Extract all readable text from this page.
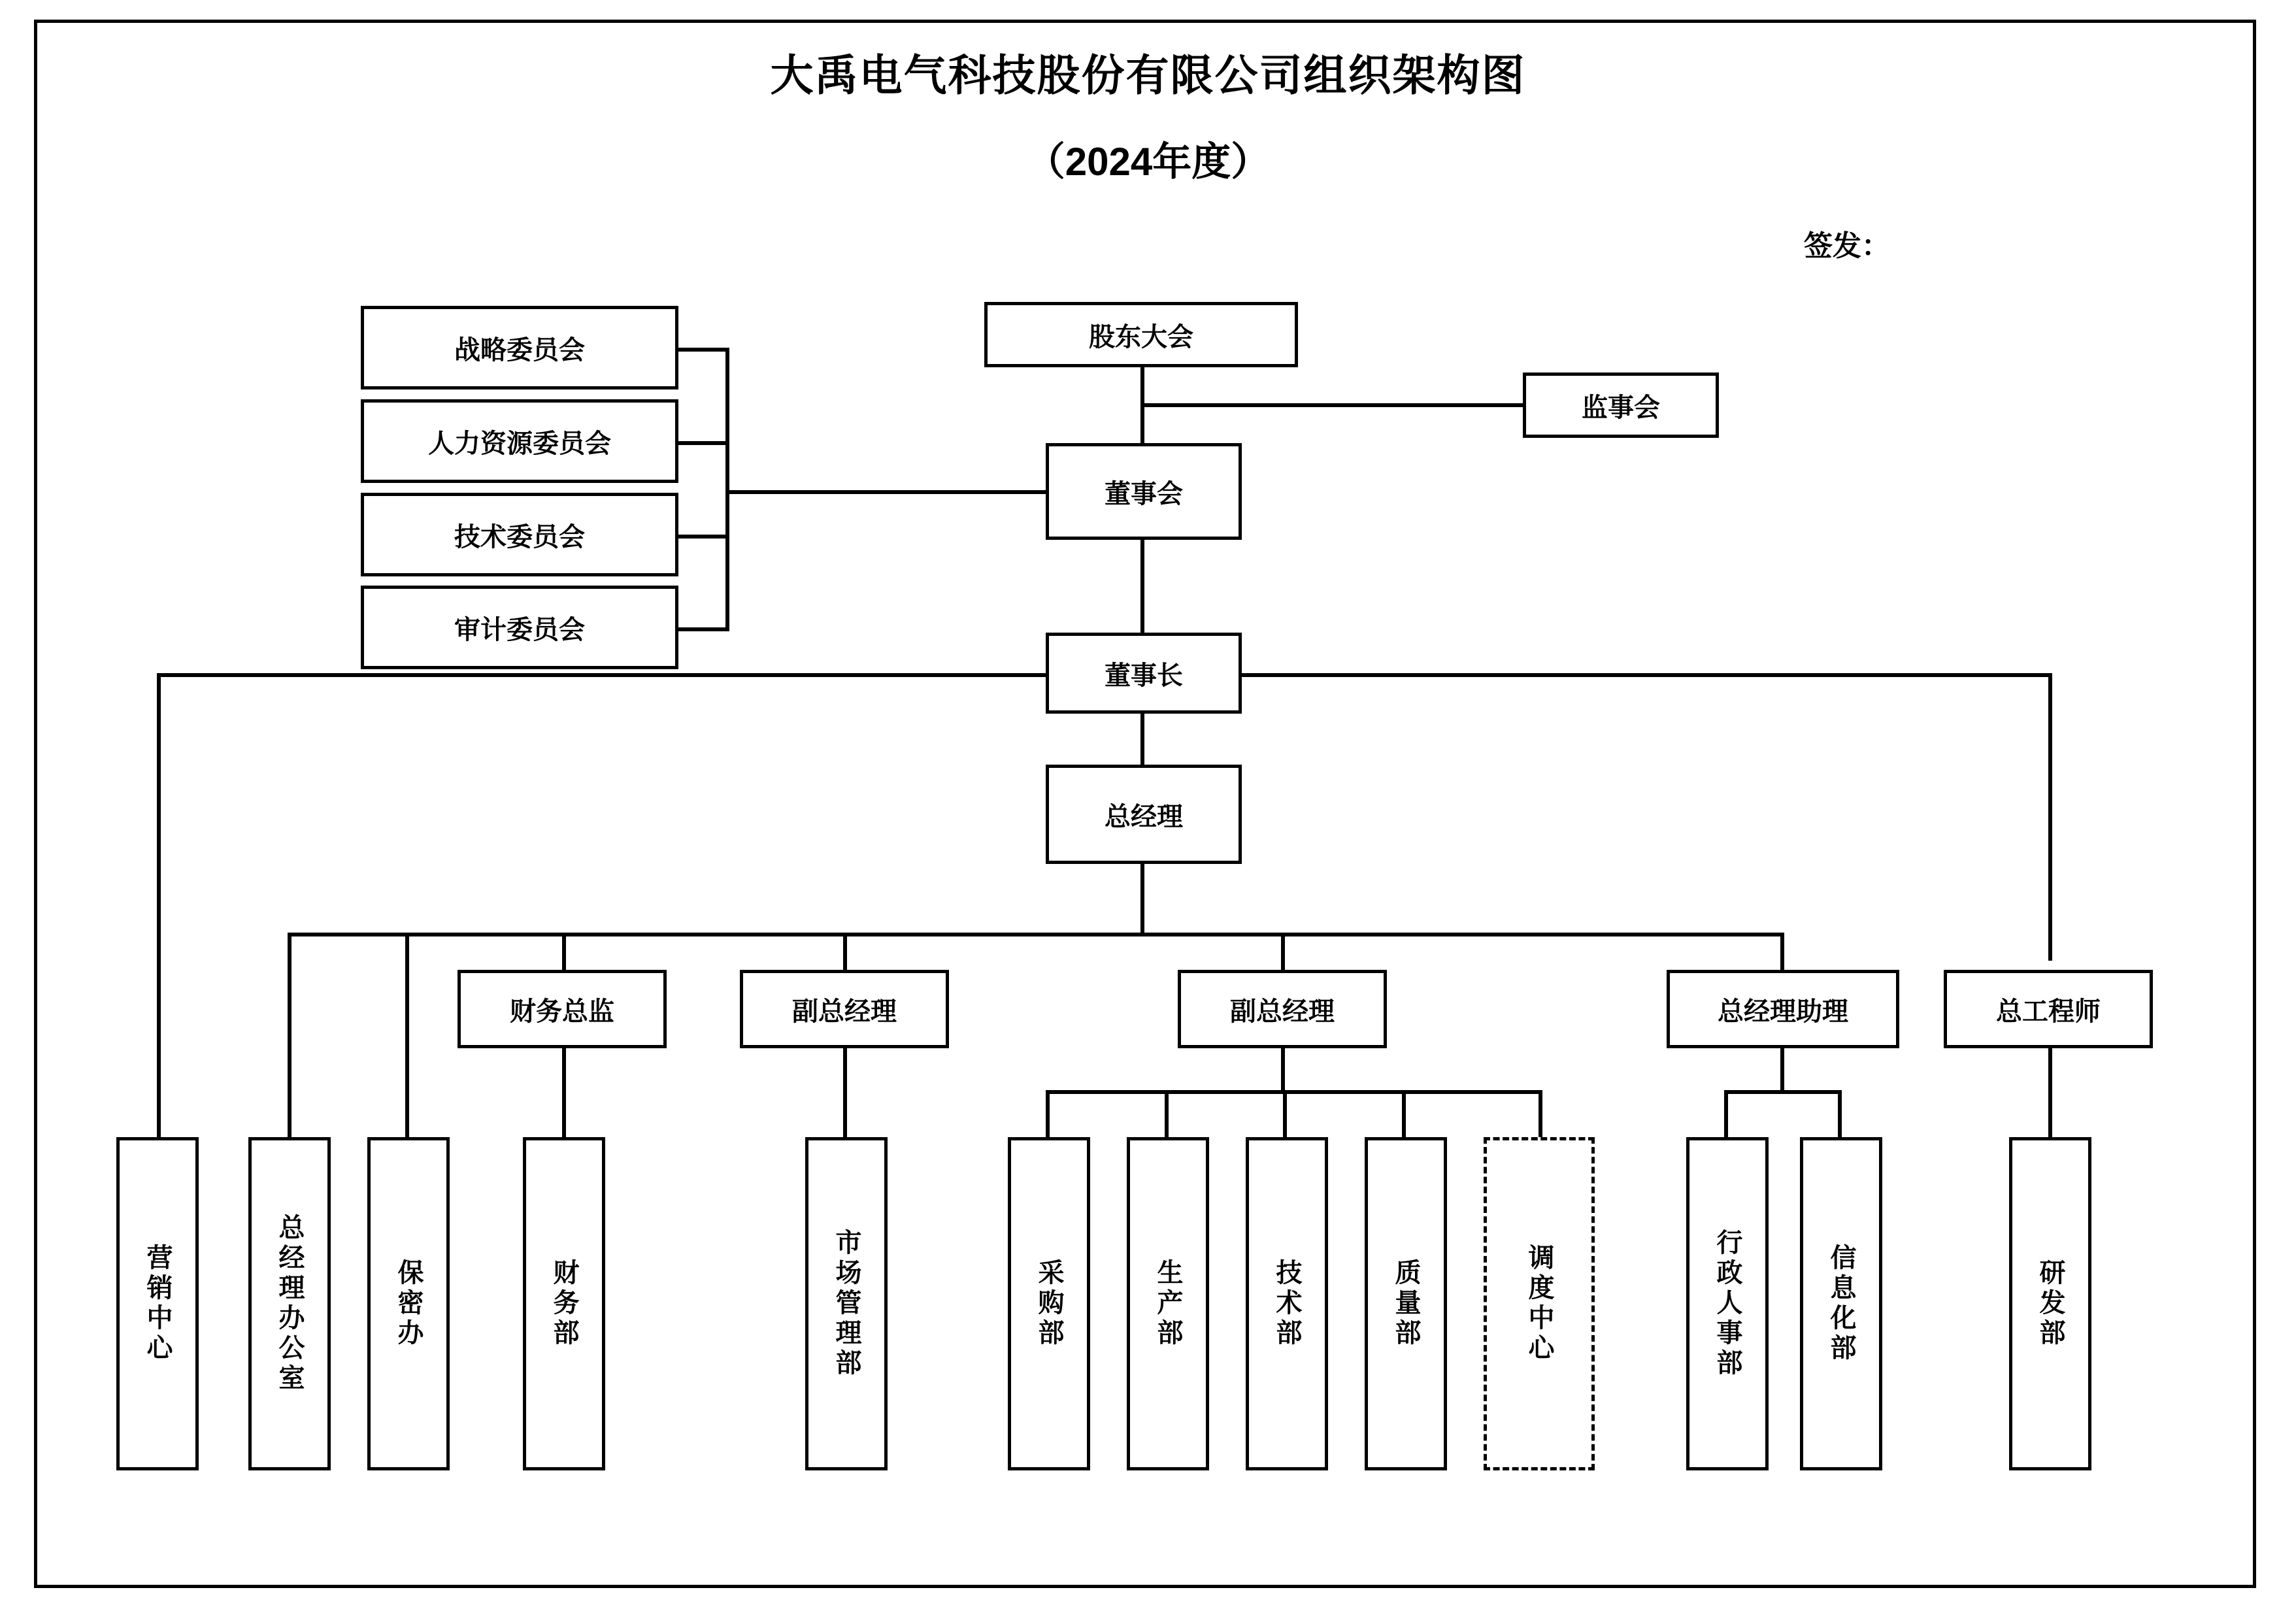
大禹电气科技股份有限公司组织架构图
（2024年度）
签发：
战略委员会
人力资源委员会
技术委员会
审计委员会
股东大会
监事会
董事会
董事长
总经理
财务总监	副总经理	副总经理	总经理助理	总工程师
营销中心	总经理办公室	保密办	财务部	市场管理部	采购部	生产部	技术部	质量部	调度中心	行政人事部	信息化部	研发部
